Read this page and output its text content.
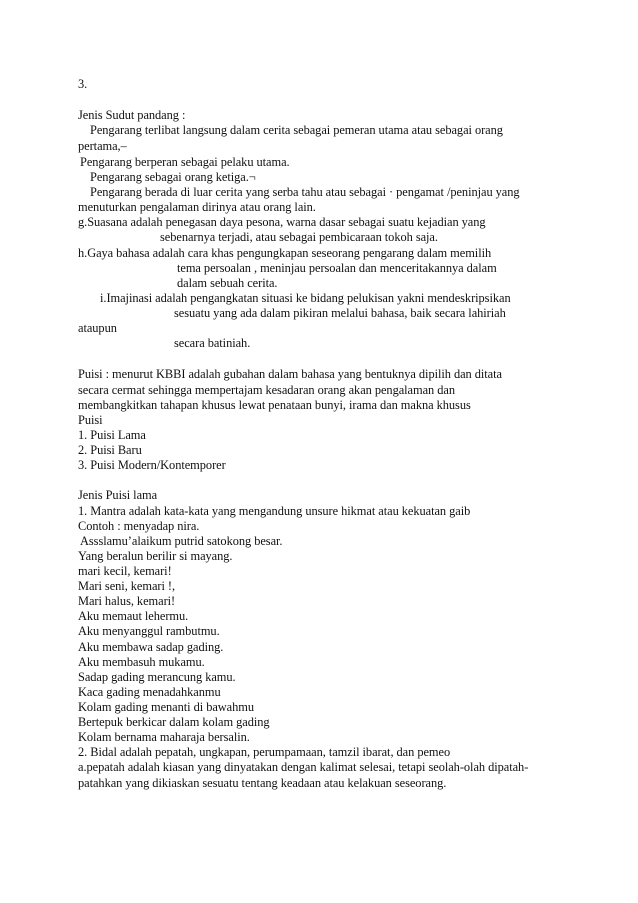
3.
Jenis Sudut pandang :
Pengarang terlibat langsung dalam cerita sebagai pemeran utama atau sebagai orang
pertama,–
Pengarang berperan sebagai pelaku utama.
Pengarang sebagai orang ketiga.¬
Pengarang berada di luar cerita yang serba tahu atau sebagai · pengamat /peninjau yang
menuturkan pengalaman dirinya atau orang lain.
g.Suasana adalah penegasan daya pesona, warna dasar sebagai suatu kejadian yang
sebenarnya terjadi, atau sebagai pembicaraan tokoh saja.
h.Gaya bahasa adalah cara khas pengungkapan seseorang pengarang dalam memilih
tema persoalan , meninjau persoalan dan menceritakannya dalam
dalam sebuah cerita.
i.Imajinasi adalah pengangkatan situasi ke bidang pelukisan yakni mendeskripsikan
sesuatu yang ada dalam pikiran melalui bahasa, baik secara lahiriah
ataupun
secara batiniah.
Puisi : menurut KBBI adalah gubahan dalam bahasa yang bentuknya dipilih dan ditata
secara cermat sehingga mempertajam kesadaran orang akan pengalaman dan
membangkitkan tahapan khusus lewat penataan bunyi, irama dan makna khusus
Puisi
1. Puisi Lama
2. Puisi Baru
3. Puisi Modern/Kontemporer
Jenis Puisi lama
1. Mantra adalah kata-kata yang mengandung unsure hikmat atau kekuatan gaib
Contoh : menyadap nira.
Assslamu’alaikum putrid satokong besar.
Yang beralun berilir si mayang.
mari kecil, kemari!
Mari seni, kemari !,
Mari halus, kemari!
Aku memaut lehermu.
Aku menyanggul rambutmu.
Aku membawa sadap gading.
Aku membasuh mukamu.
Sadap gading merancung kamu.
Kaca gading menadahkanmu
Kolam gading menanti di bawahmu
Bertepuk berkicar dalam kolam gading
Kolam bernama maharaja bersalin.
2. Bidal adalah pepatah, ungkapan, perumpamaan, tamzil ibarat, dan pemeo
a.pepatah adalah kiasan yang dinyatakan dengan kalimat selesai, tetapi seolah-olah dipatah-
patahkan yang dikiaskan sesuatu tentang keadaan atau kelakuan seseorang.
